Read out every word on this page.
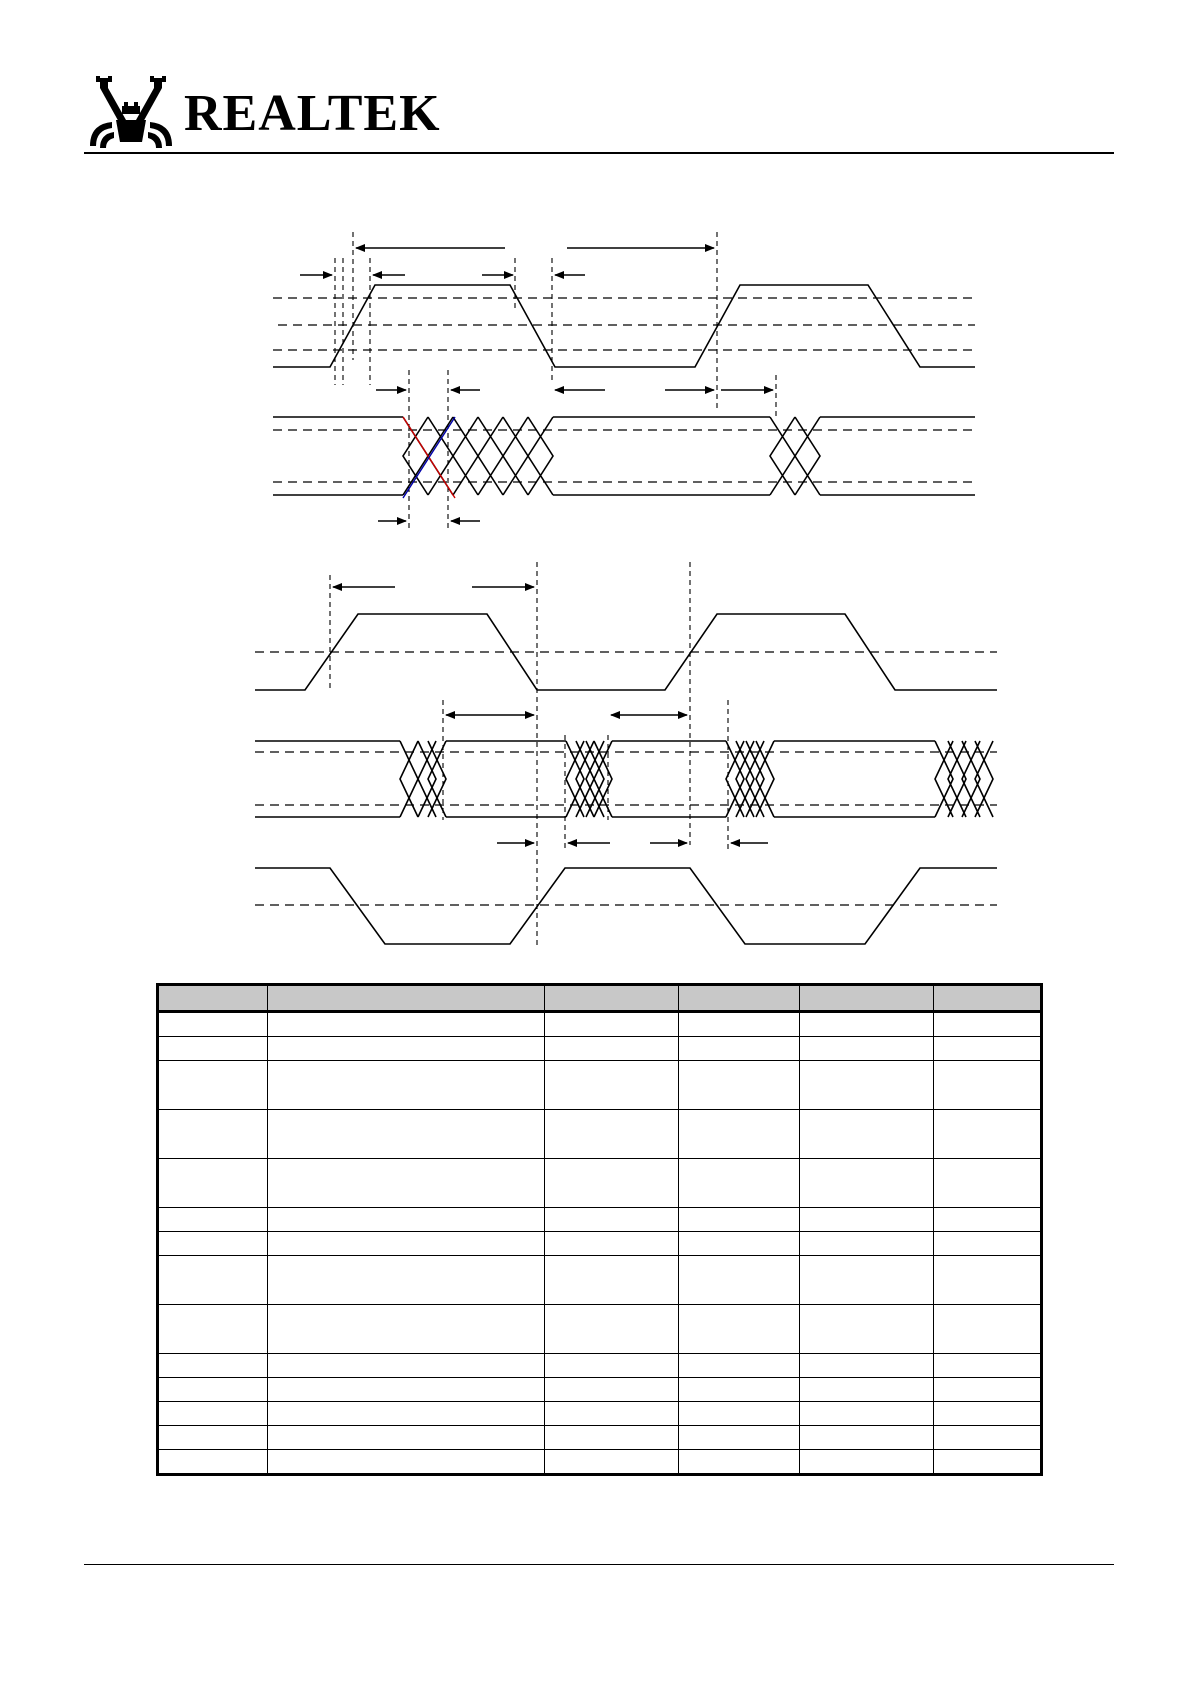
REALTEK
